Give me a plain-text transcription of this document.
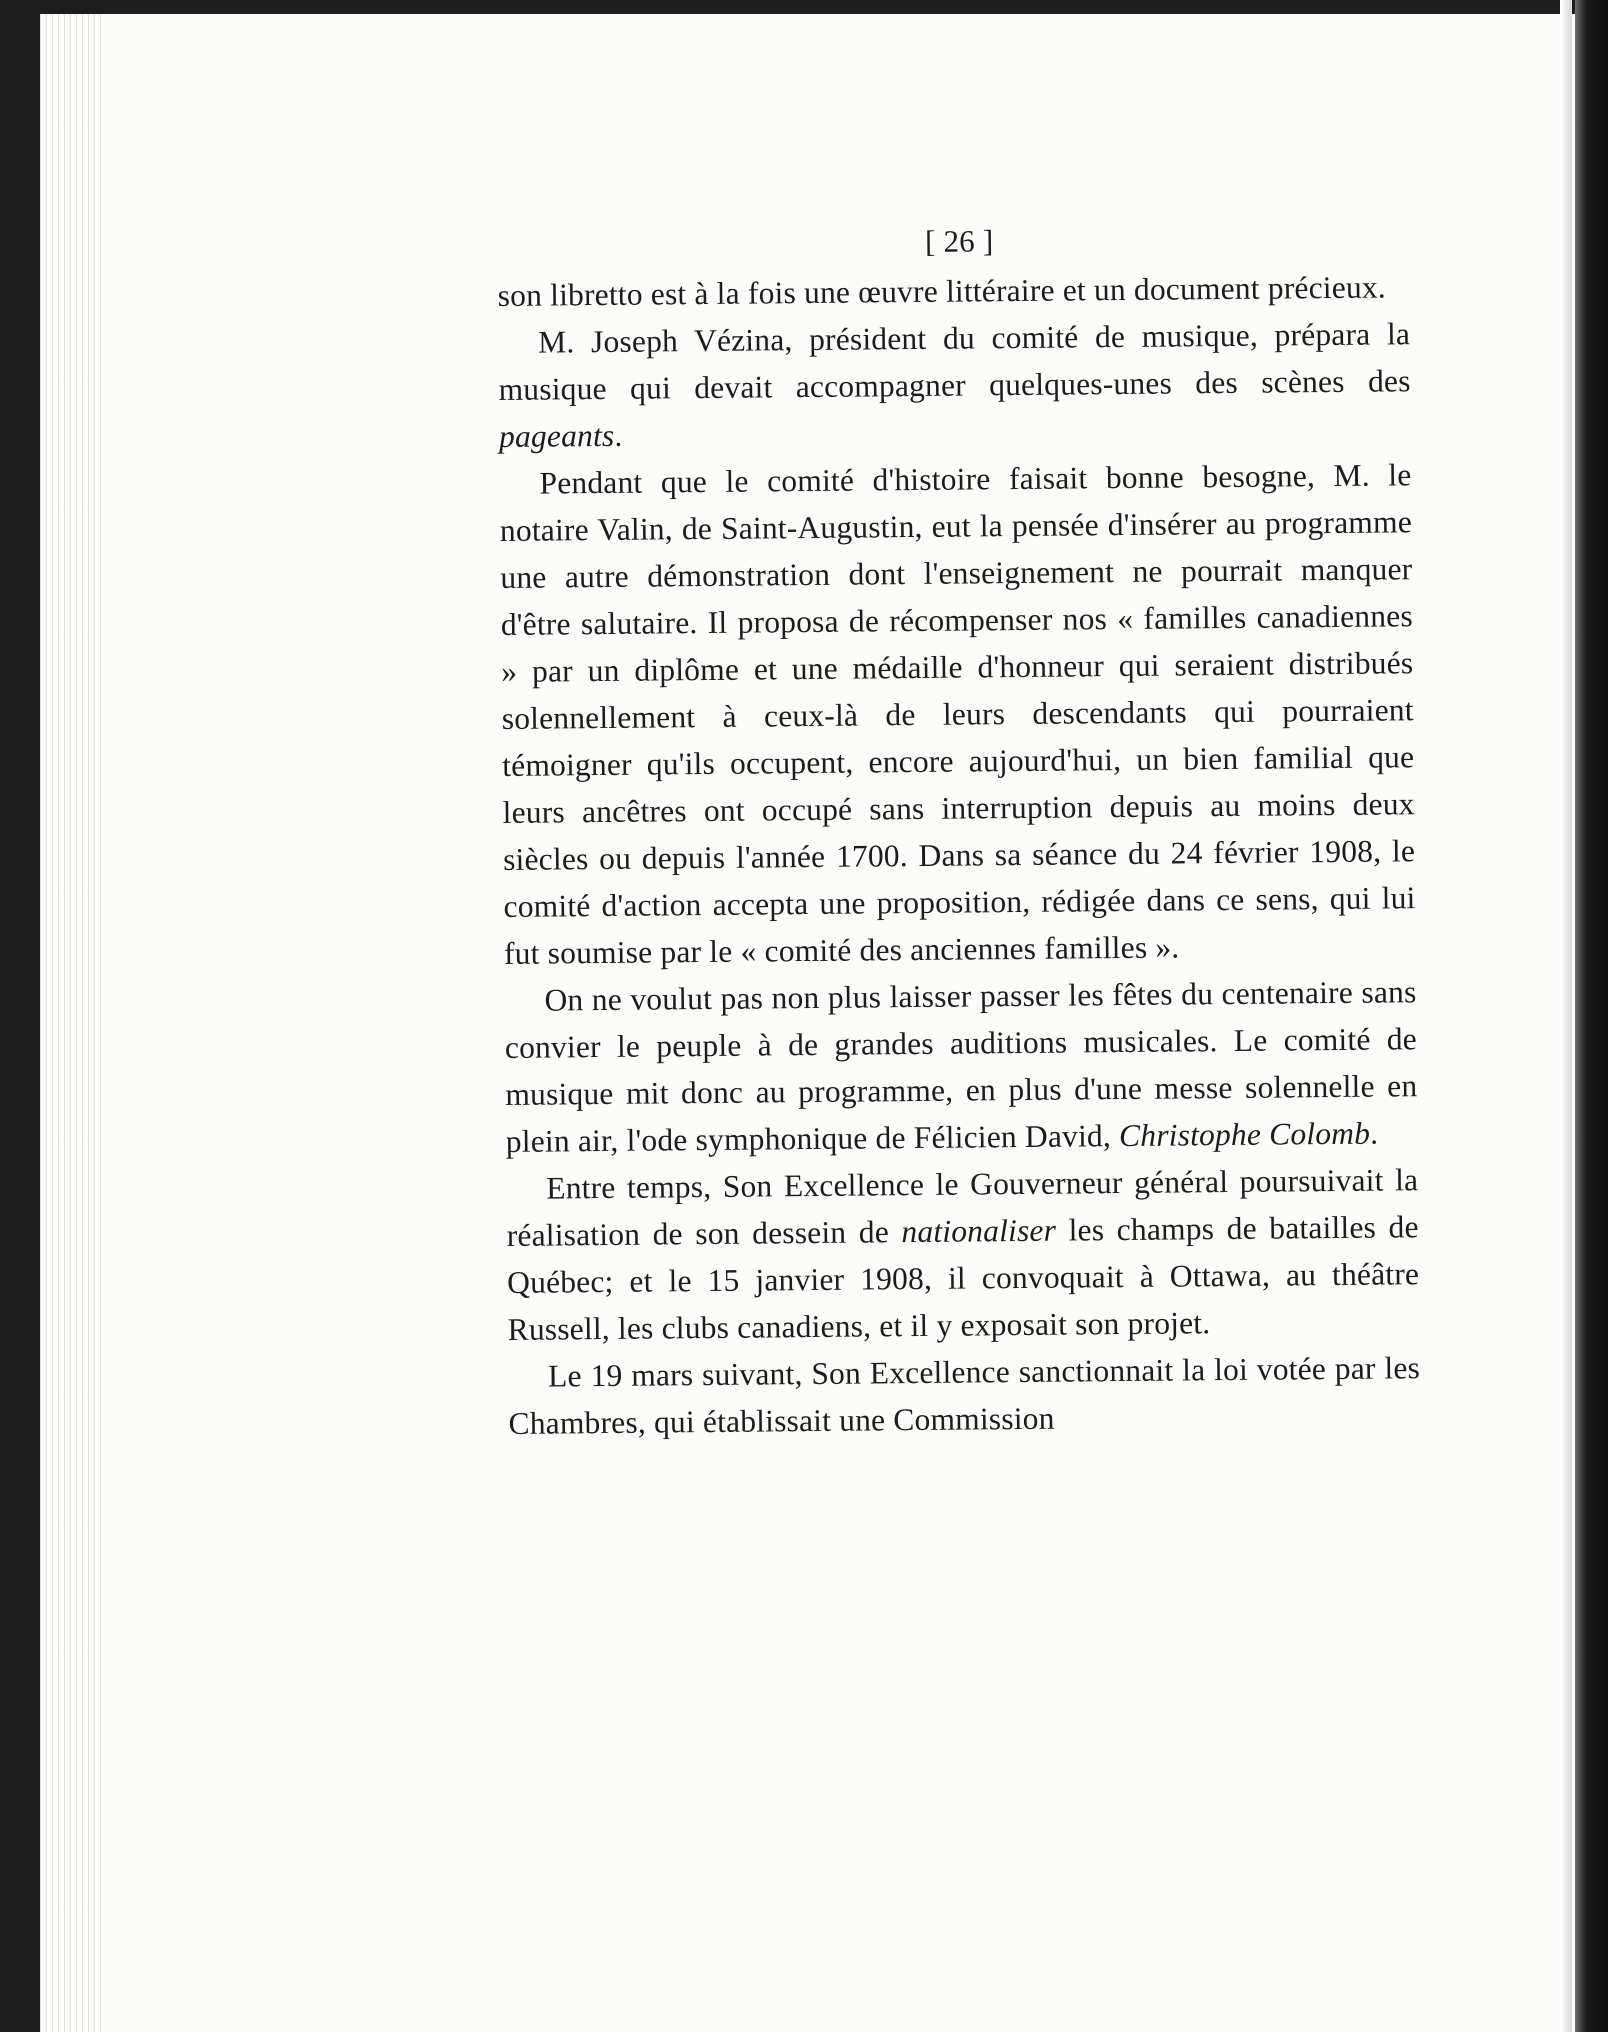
[ 26 ]

son libretto est à la fois une œuvre littéraire et un document précieux.

M. Joseph Vézina, président du comité de musique, prépara la musique qui devait accompagner quelques-unes des scènes des pageants.

Pendant que le comité d'histoire faisait bonne besogne, M. le notaire Valin, de Saint-Augustin, eut la pensée d'insérer au programme une autre démonstration dont l'enseignement ne pourrait manquer d'être salutaire. Il proposa de récompenser nos « familles canadiennes » par un diplôme et une médaille d'honneur qui seraient distribués solennellement à ceux-là de leurs descendants qui pourraient témoigner qu'ils occupent, encore aujourd'hui, un bien familial que leurs ancêtres ont occupé sans interruption depuis au moins deux siècles ou depuis l'année 1700. Dans sa séance du 24 février 1908, le comité d'action accepta une proposition, rédigée dans ce sens, qui lui fut soumise par le « comité des anciennes familles ».

On ne voulut pas non plus laisser passer les fêtes du centenaire sans convier le peuple à de grandes auditions musicales. Le comité de musique mit donc au programme, en plus d'une messe solennelle en plein air, l'ode symphonique de Félicien David, Christophe Colomb.

Entre temps, Son Excellence le Gouverneur général poursuivait la réalisation de son dessein de nationaliser les champs de batailles de Québec; et le 15 janvier 1908, il convoquait à Ottawa, au théâtre Russell, les clubs canadiens, et il y exposait son projet.

Le 19 mars suivant, Son Excellence sanctionnait la loi votée par les Chambres, qui établissait une Commission
